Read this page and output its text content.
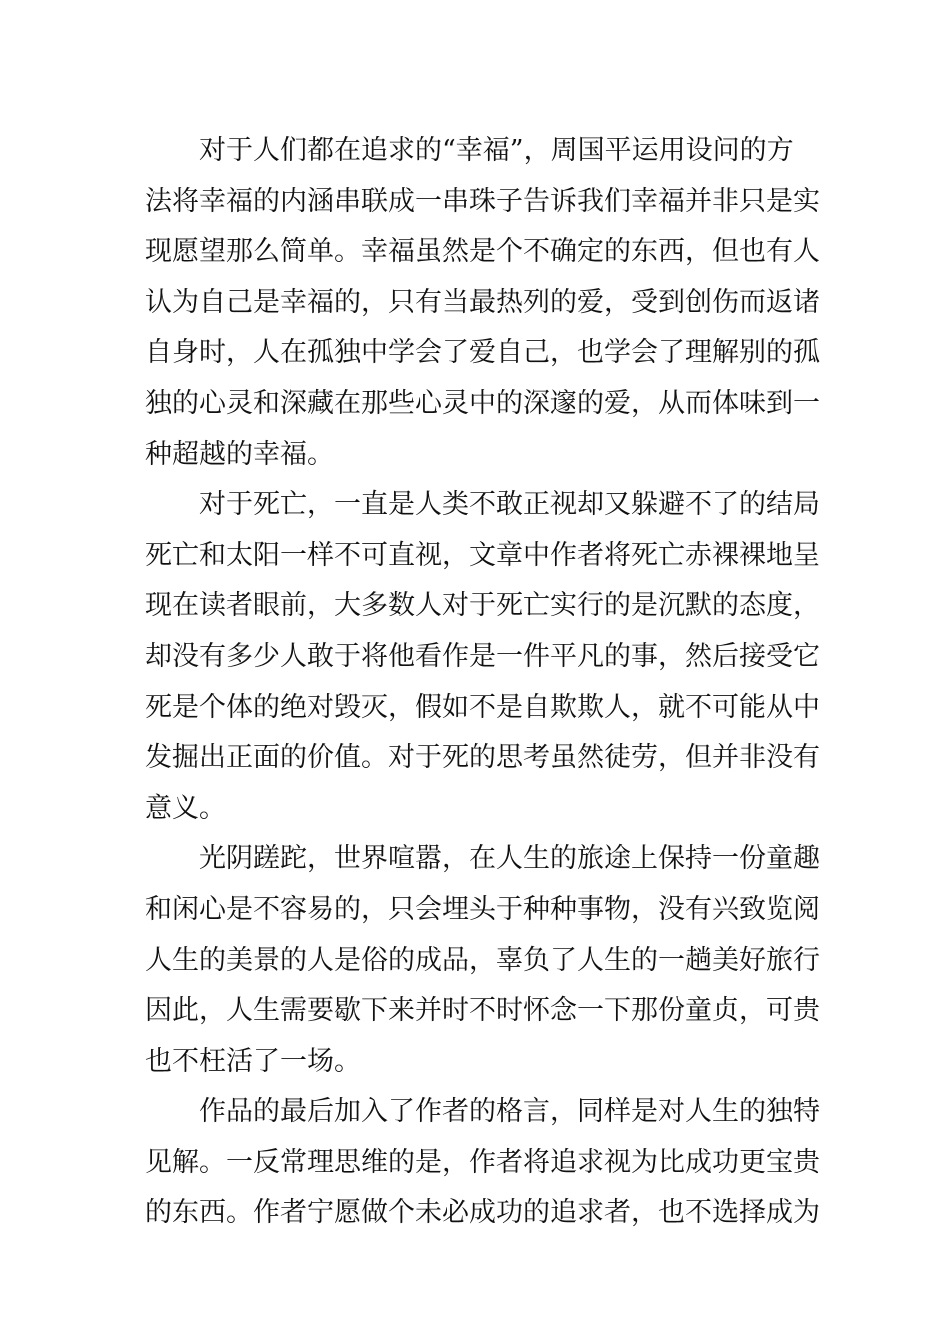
对于人们都在追求的“幸福”，周国平运用设问的方
法将幸福的内涵串联成一串珠子告诉我们幸福并非只是实
现愿望那么简单。幸福虽然是个不确定的东西，但也有人
认为自己是幸福的，只有当最热列的爱，受到创伤而返诸
自身时，人在孤独中学会了爱自己，也学会了理解别的孤
独的心灵和深藏在那些心灵中的深邃的爱，从而体味到一
种超越的幸福。
对于死亡，一直是人类不敢正视却又躲避不了的结局
死亡和太阳一样不可直视，文章中作者将死亡赤裸裸地呈
现在读者眼前，大多数人对于死亡实行的是沉默的态度，
却没有多少人敢于将他看作是一件平凡的事，然后接受它
死是个体的绝对毁灭，假如不是自欺欺人，就不可能从中
发掘出正面的价值。对于死的思考虽然徒劳，但并非没有
意义。
光阴蹉跎，世界喧嚣，在人生的旅途上保持一份童趣
和闲心是不容易的，只会埋头于种种事物，没有兴致览阅
人生的美景的人是俗的成品，辜负了人生的一趟美好旅行
因此，人生需要歇下来并时不时怀念一下那份童贞，可贵
也不枉活了一场。
作品的最后加入了作者的格言，同样是对人生的独特
见解。一反常理思维的是，作者将追求视为比成功更宝贵
的东西。作者宁愿做个未必成功的追求者，也不选择成为
